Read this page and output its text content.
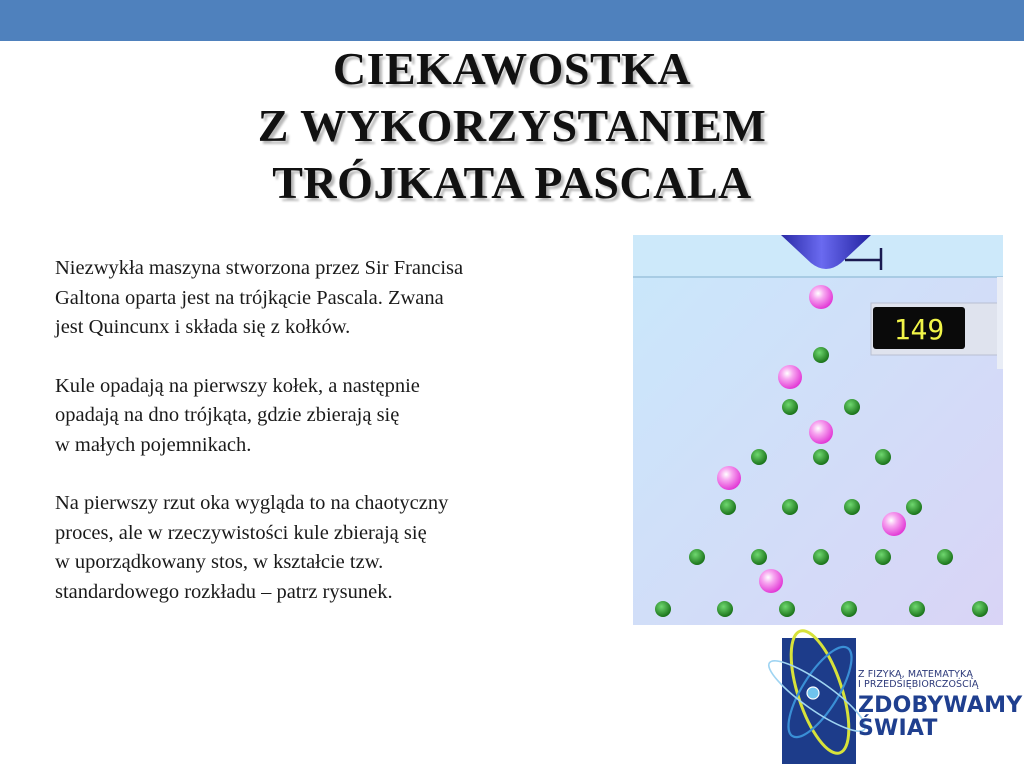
CIEKAWOSTKA
Z WYKORZYSTANIEM
TRÓJKATA PASCALA

Niezwykła maszyna stworzona przez Sir Francisa
Galtona oparta jest na trójkącie Pascala. Zwana
jest Quincunx i składa się z kołków.

Kule opadają na pierwszy kołek, a następnie
opadają na dno trójkąta, gdzie zbierają się
w małych pojemnikach.

Na pierwszy rzut oka wygląda to na chaotyczny
proces, ale w rzeczywistości kule zbierają się
w uporządkowany stos, w kształcie tzw.
standardowego rozkładu – patrz rysunek.

149
Z FIZYKĄ, MATEMATYKĄ
I PRZEDSIĘBIORCZOŚCIĄ
ZDOBYWAMY
ŚWIAT
